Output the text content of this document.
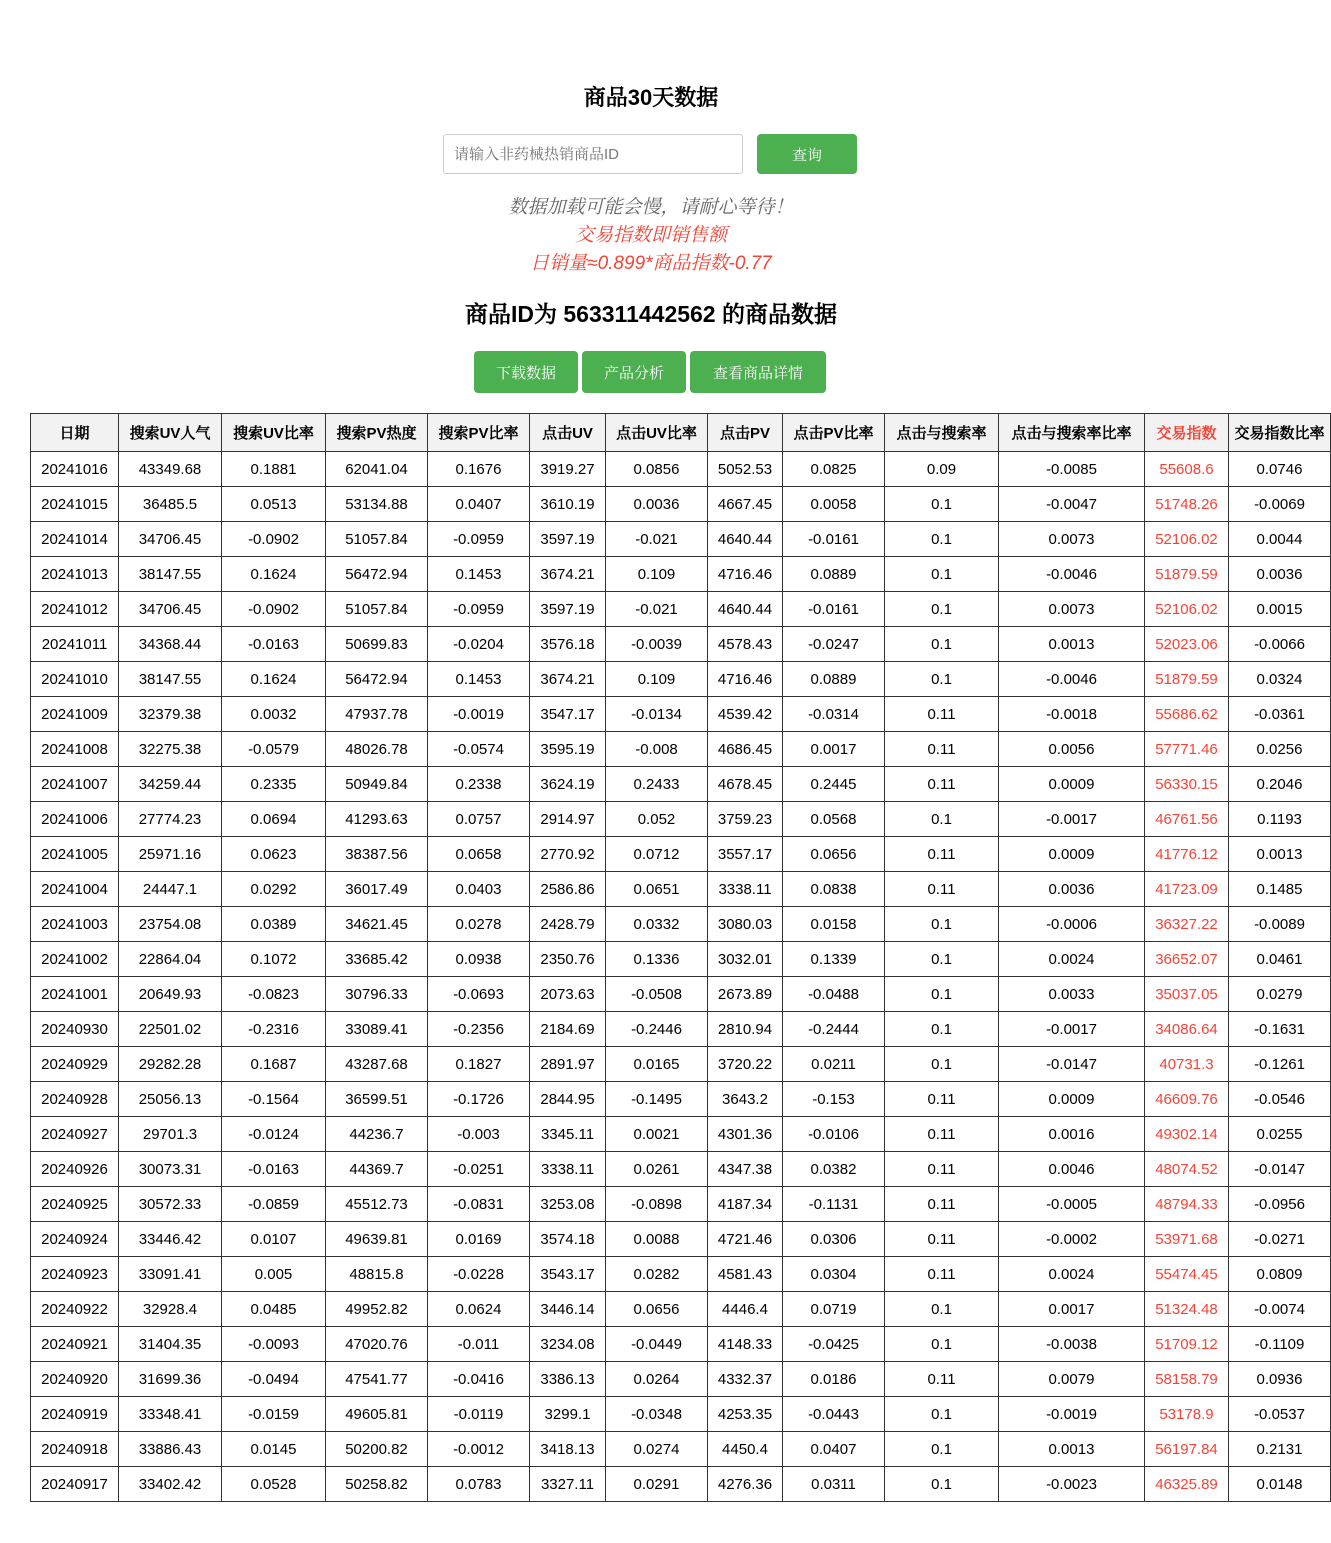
商品30天数据
请输入非药械热销商品ID
查询
数据加载可能会慢，请耐心等待！
交易指数即销售额
日销量≈0.899*商品指数-0.77
商品ID为 563311442562 的商品数据
下载数据	产品分析	查看商品详情
日期	搜索UV人气	搜索UV比率	搜索PV热度	搜索PV比率	点击UV	点击UV比率	点击PV	点击PV比率	点击与搜索率	点击与搜索率比率	交易指数	交易指数比率
20241016	43349.68	0.1881	62041.04	0.1676	3919.27	0.0856	5052.53	0.0825	0.09	-0.0085	55608.6	0.0746
20241015	36485.5	0.0513	53134.88	0.0407	3610.19	0.0036	4667.45	0.0058	0.1	-0.0047	51748.26	-0.0069
20241014	34706.45	-0.0902	51057.84	-0.0959	3597.19	-0.021	4640.44	-0.0161	0.1	0.0073	52106.02	0.0044
20241013	38147.55	0.1624	56472.94	0.1453	3674.21	0.109	4716.46	0.0889	0.1	-0.0046	51879.59	0.0036
20241012	34706.45	-0.0902	51057.84	-0.0959	3597.19	-0.021	4640.44	-0.0161	0.1	0.0073	52106.02	0.0015
20241011	34368.44	-0.0163	50699.83	-0.0204	3576.18	-0.0039	4578.43	-0.0247	0.1	0.0013	52023.06	-0.0066
20241010	38147.55	0.1624	56472.94	0.1453	3674.21	0.109	4716.46	0.0889	0.1	-0.0046	51879.59	0.0324
20241009	32379.38	0.0032	47937.78	-0.0019	3547.17	-0.0134	4539.42	-0.0314	0.11	-0.0018	55686.62	-0.0361
20241008	32275.38	-0.0579	48026.78	-0.0574	3595.19	-0.008	4686.45	0.0017	0.11	0.0056	57771.46	0.0256
20241007	34259.44	0.2335	50949.84	0.2338	3624.19	0.2433	4678.45	0.2445	0.11	0.0009	56330.15	0.2046
20241006	27774.23	0.0694	41293.63	0.0757	2914.97	0.052	3759.23	0.0568	0.1	-0.0017	46761.56	0.1193
20241005	25971.16	0.0623	38387.56	0.0658	2770.92	0.0712	3557.17	0.0656	0.11	0.0009	41776.12	0.0013
20241004	24447.1	0.0292	36017.49	0.0403	2586.86	0.0651	3338.11	0.0838	0.11	0.0036	41723.09	0.1485
20241003	23754.08	0.0389	34621.45	0.0278	2428.79	0.0332	3080.03	0.0158	0.1	-0.0006	36327.22	-0.0089
20241002	22864.04	0.1072	33685.42	0.0938	2350.76	0.1336	3032.01	0.1339	0.1	0.0024	36652.07	0.0461
20241001	20649.93	-0.0823	30796.33	-0.0693	2073.63	-0.0508	2673.89	-0.0488	0.1	0.0033	35037.05	0.0279
20240930	22501.02	-0.2316	33089.41	-0.2356	2184.69	-0.2446	2810.94	-0.2444	0.1	-0.0017	34086.64	-0.1631
20240929	29282.28	0.1687	43287.68	0.1827	2891.97	0.0165	3720.22	0.0211	0.1	-0.0147	40731.3	-0.1261
20240928	25056.13	-0.1564	36599.51	-0.1726	2844.95	-0.1495	3643.2	-0.153	0.11	0.0009	46609.76	-0.0546
20240927	29701.3	-0.0124	44236.7	-0.003	3345.11	0.0021	4301.36	-0.0106	0.11	0.0016	49302.14	0.0255
20240926	30073.31	-0.0163	44369.7	-0.0251	3338.11	0.0261	4347.38	0.0382	0.11	0.0046	48074.52	-0.0147
20240925	30572.33	-0.0859	45512.73	-0.0831	3253.08	-0.0898	4187.34	-0.1131	0.11	-0.0005	48794.33	-0.0956
20240924	33446.42	0.0107	49639.81	0.0169	3574.18	0.0088	4721.46	0.0306	0.11	-0.0002	53971.68	-0.0271
20240923	33091.41	0.005	48815.8	-0.0228	3543.17	0.0282	4581.43	0.0304	0.11	0.0024	55474.45	0.0809
20240922	32928.4	0.0485	49952.82	0.0624	3446.14	0.0656	4446.4	0.0719	0.1	0.0017	51324.48	-0.0074
20240921	31404.35	-0.0093	47020.76	-0.011	3234.08	-0.0449	4148.33	-0.0425	0.1	-0.0038	51709.12	-0.1109
20240920	31699.36	-0.0494	47541.77	-0.0416	3386.13	0.0264	4332.37	0.0186	0.11	0.0079	58158.79	0.0936
20240919	33348.41	-0.0159	49605.81	-0.0119	3299.1	-0.0348	4253.35	-0.0443	0.1	-0.0019	53178.9	-0.0537
20240918	33886.43	0.0145	50200.82	-0.0012	3418.13	0.0274	4450.4	0.0407	0.1	0.0013	56197.84	0.2131
20240917	33402.42	0.0528	50258.82	0.0783	3327.11	0.0291	4276.36	0.0311	0.1	-0.0023	46325.89	0.0148
